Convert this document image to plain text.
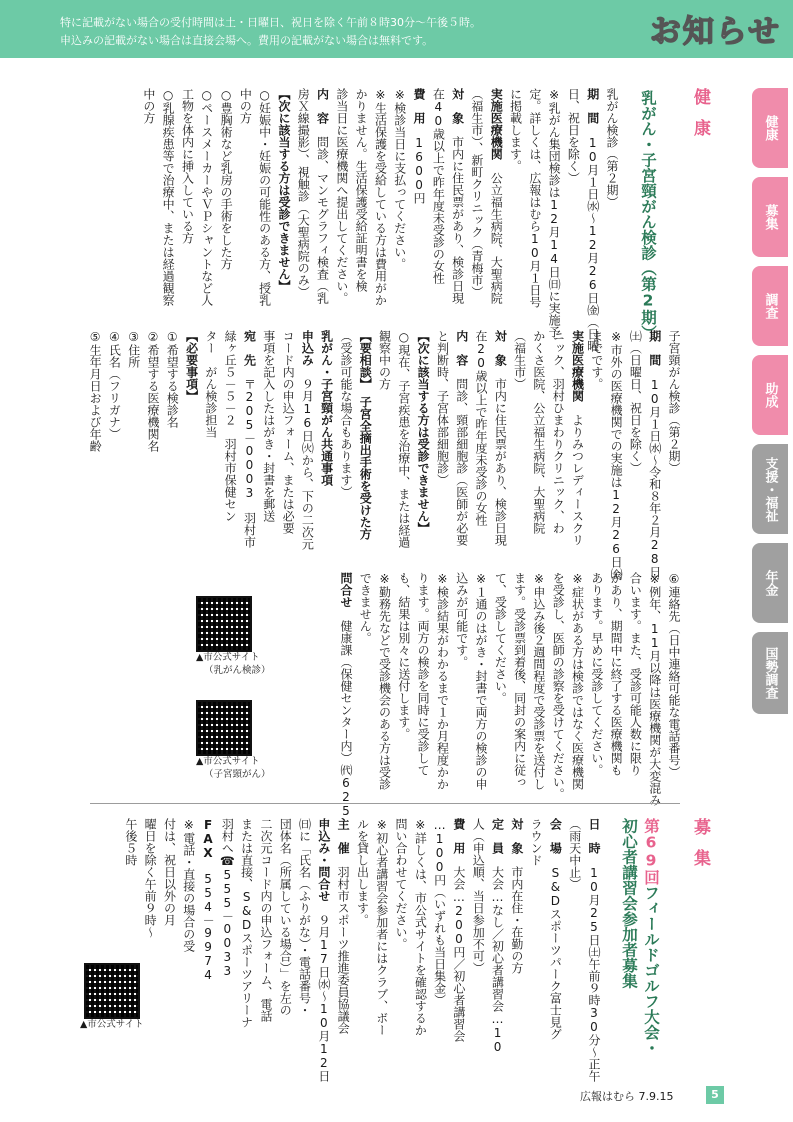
特に記載がない場合の受付時間は土・日曜日、祝日を除く午前８時30分～午後５時。
申込みの記載がない場合は直接会場へ。費用の記載がない場合は無料です。	お知らせ
健康
募集
調査
助成
支援・福祉
年金
国勢調査
健康
募集
乳がん・子宮頸がん検診（第2期）
乳がん検診（第２期）
期　間　10月１日㈬～12月26日㈮（日曜
日、祝日を除く）
※乳がん集団検診は12月14日㈰に実施予
定。詳しくは、広報はむら10月１日号
に掲載します。
実施医療機関　公立福生病院、大聖病院
（福生市）、新町クリニック（青梅市）
対　象　市内に住民票があり、検診日現
在40歳以上で昨年度未受診の女性
費　用　1600円
※検診当日に支払ってください。
※生活保護を受給している方は費用がか
かりません。生活保護受給証明書を検
診当日に医療機関へ提出してください。
内　容　問診、マンモグラフィ検査（乳
房Ｘ線撮影）、視触診（大聖病院のみ）
【次に該当する方は受診できません】
○妊娠中・妊娠の可能性のある方、授乳
中の方
○豊胸術など乳房の手術をした方
○ペースメーカーやＶＰシャントなど人
工物を体内に挿入している方
○乳腺疾患等で治療中、または経過観察
中の方
子宮頸がん検診（第２期）
期　間　10月１日㈬～令和８年２月28日
㈯（日曜日、祝日を除く）
※市外の医療機関での実施は12月26日㈮
までです。
実施医療機関　よりみつレディースクリ
ニック、羽村ひまわりクリニック、わ
かくさ医院、公立福生病院、大聖病院
（福生市）
対　象　市内に住民票があり、検診日現
在20歳以上で昨年度未受診の女性
内　容　問診、頸部細胞診（医師が必要
と判断時、子宮体部細胞診）
【次に該当する方は受診できません】
○現在、子宮疾患を治療中、または経過
観察中の方
【要相談】　子宮全摘出手術を受けた方
（受診可能な場合もあります）
乳がん・子宮頸がん共通事項
申込み　９月16日㈫から、下の二次元
コード内の申込フォーム、または必要
事項を記入したはがき・封書を郵送
宛　先　〒205－0003　羽村市
緑ヶ丘５－５－２　羽村市保健セン
ター　がん検診担当
【必要事項】
①希望する検診名
②希望する医療機関名
③住所
④氏名（フリガナ）
⑤生年月日および年齢
⑥連絡先（日中連絡可能な電話番号）
※例年、11月以降は医療機関が大変混み
合います。また、受診可能人数に限り
があり、期間中に終了する医療機関も
あります。早めに受診してください。
※症状がある方は検診ではなく医療機関
を受診し、医師の診察を受けてください。
※申込み後２週間程度で受診票を送付し
ます。受診票到着後、同封の案内に従っ
て、受診してください。
※１通のはがき・封書で両方の検診の申
込みが可能です。
※検診結果がわかるまで１か月程度かか
ります。両方の検診を同時に受診して
も、結果は別々に送付します。
※勤務先などで受診機会のある方は受診
できません。
問合せ　健康課（保健センター内）㈹625
▲市公式サイト
（乳がん検診）
▲市公式サイト
（子宮頸がん）
第69回フィールドゴルフ大会・
初心者講習会参加者募集
日　時　10月25日㈯午前９時30分～正午
（雨天中止）
会　場　S&Dスポーツパーク富士見グ
ラウンド
対　象　市内在住・在勤の方
定　員　大会…なし／初心者講習会…10
人（申込順、当日参加不可）
費　用　大会…200円／初心者講習会
…100円（いずれも当日集金）
※詳しくは、市公式サイトを確認するか
問い合わせてください。
※初心者講習会参加者にはクラブ、ボー
ルを貸し出します。
主　催　羽村市スポーツ推進委員協議会
申込み・問合せ　９月17日㈬～10月12日
㈰に「氏名（ふりがな）・電話番号・
団体名（所属している場合）」を左の
二次元コード内の申込フォーム、電話
または直接、S&Dスポーツアリーナ
羽村へ☎555－0033
FAX　554－9974
※電話・直接の場合の受
付は、祝日以外の月
曜日を除く午前９時～
午後５時
▲市公式サイト
広報はむら 7.9.15	5
